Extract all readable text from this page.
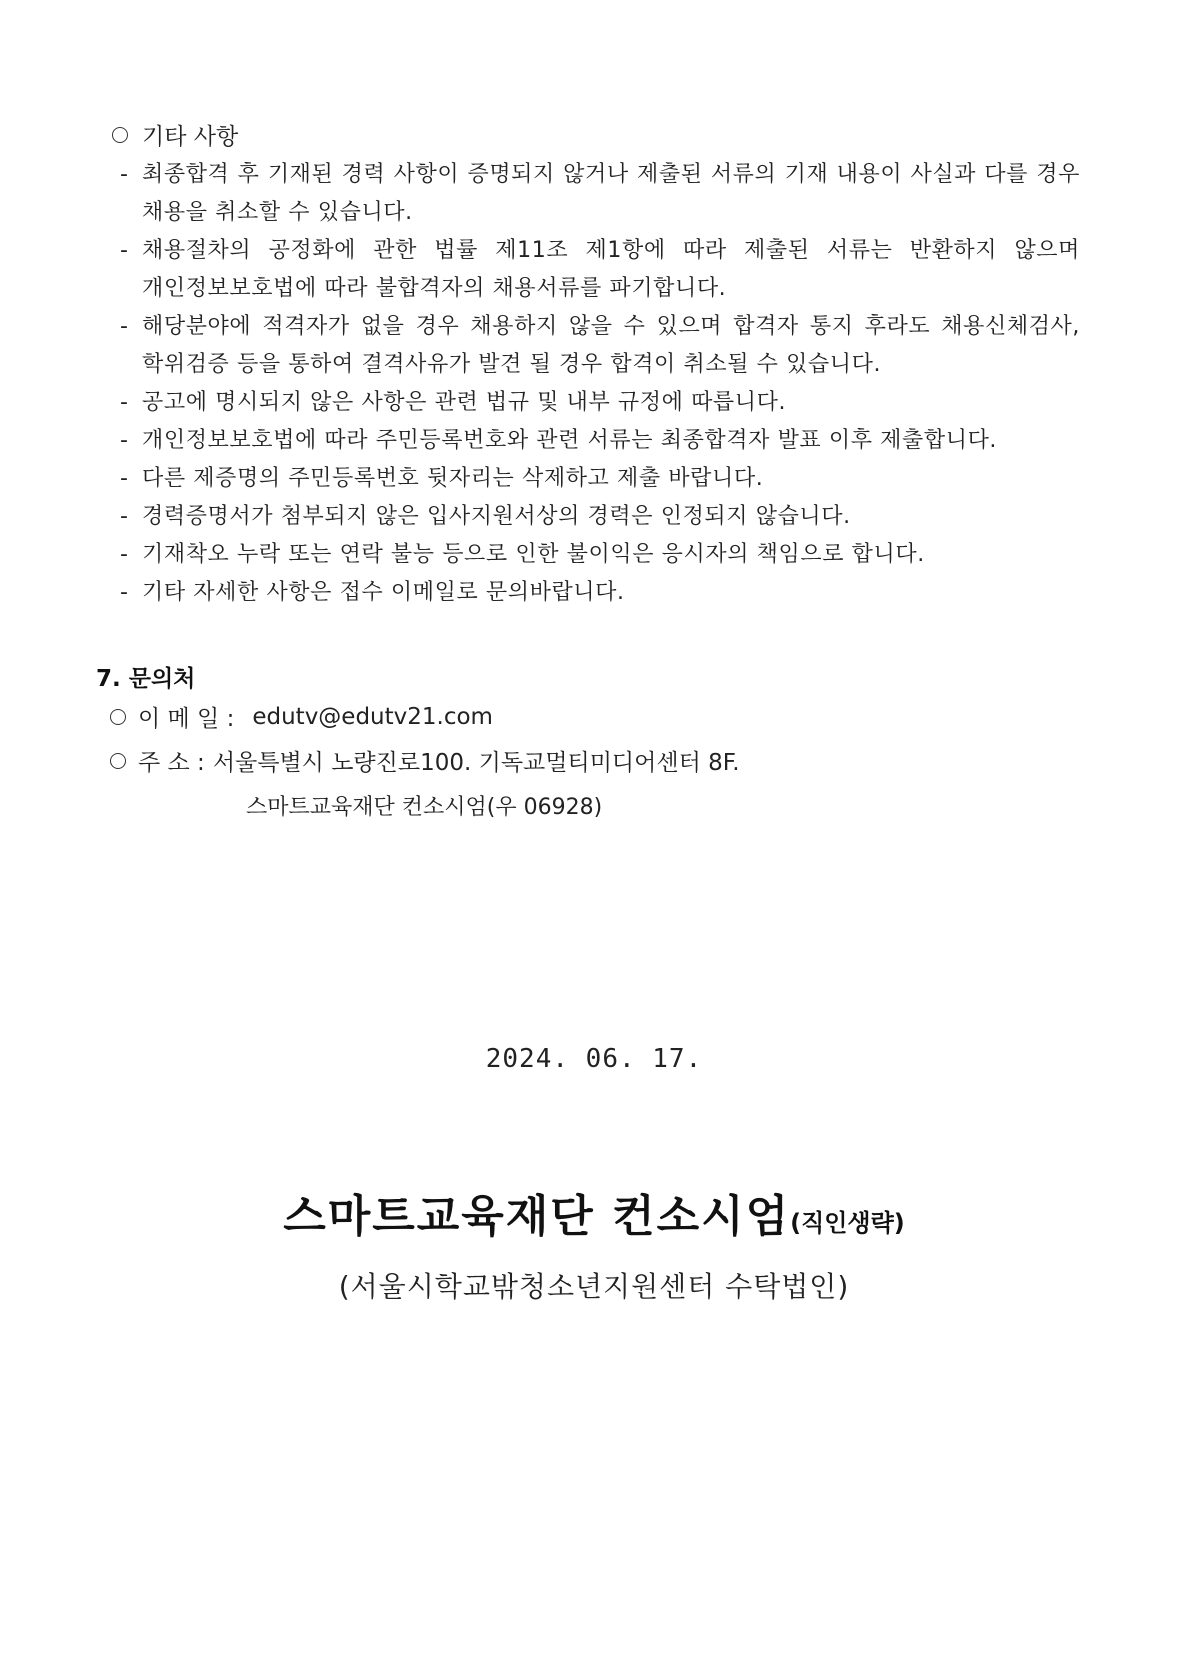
기타 사항
- 최종합격 후 기재된 경력 사항이 증명되지 않거나 제출된 서류의 기재 내용이 사실과 다를 경우 채용을 취소할 수 있습니다.
- 채용절차의 공정화에 관한 법률 제11조 제1항에 따라 제출된 서류는 반환하지 않으며 개인정보보호법에 따라 불합격자의 채용서류를 파기합니다.
- 해당분야에 적격자가 없을 경우 채용하지 않을 수 있으며 합격자 통지 후라도 채용신체검사, 학위검증 등을 통하여 결격사유가 발견 될 경우 합격이 취소될 수 있습니다.
- 공고에 명시되지 않은 사항은 관련 법규 및 내부 규정에 따릅니다.
- 개인정보보호법에 따라 주민등록번호와 관련 서류는 최종합격자 발표 이후 제출합니다.
- 다른 제증명의 주민등록번호 뒷자리는 삭제하고 제출 바랍니다.
- 경력증명서가 첨부되지 않은 입사지원서상의 경력은 인정되지 않습니다.
- 기재착오 누락 또는 연락 불능 등으로 인한 불이익은 응시자의 책임으로 합니다.
- 기타 자세한 사항은 접수 이메일로 문의바랍니다.
7. 문의처
이 메 일 : edutv@edutv21.com
주 소 : 서울특별시 노량진로100. 기독교멀티미디어센터 8F.
스마트교육재단 컨소시엄(우 06928)
2024. 06. 17.
스마트교육재단 컨소시엄(직인생략)
(서울시학교밖청소년지원센터 수탁법인)
